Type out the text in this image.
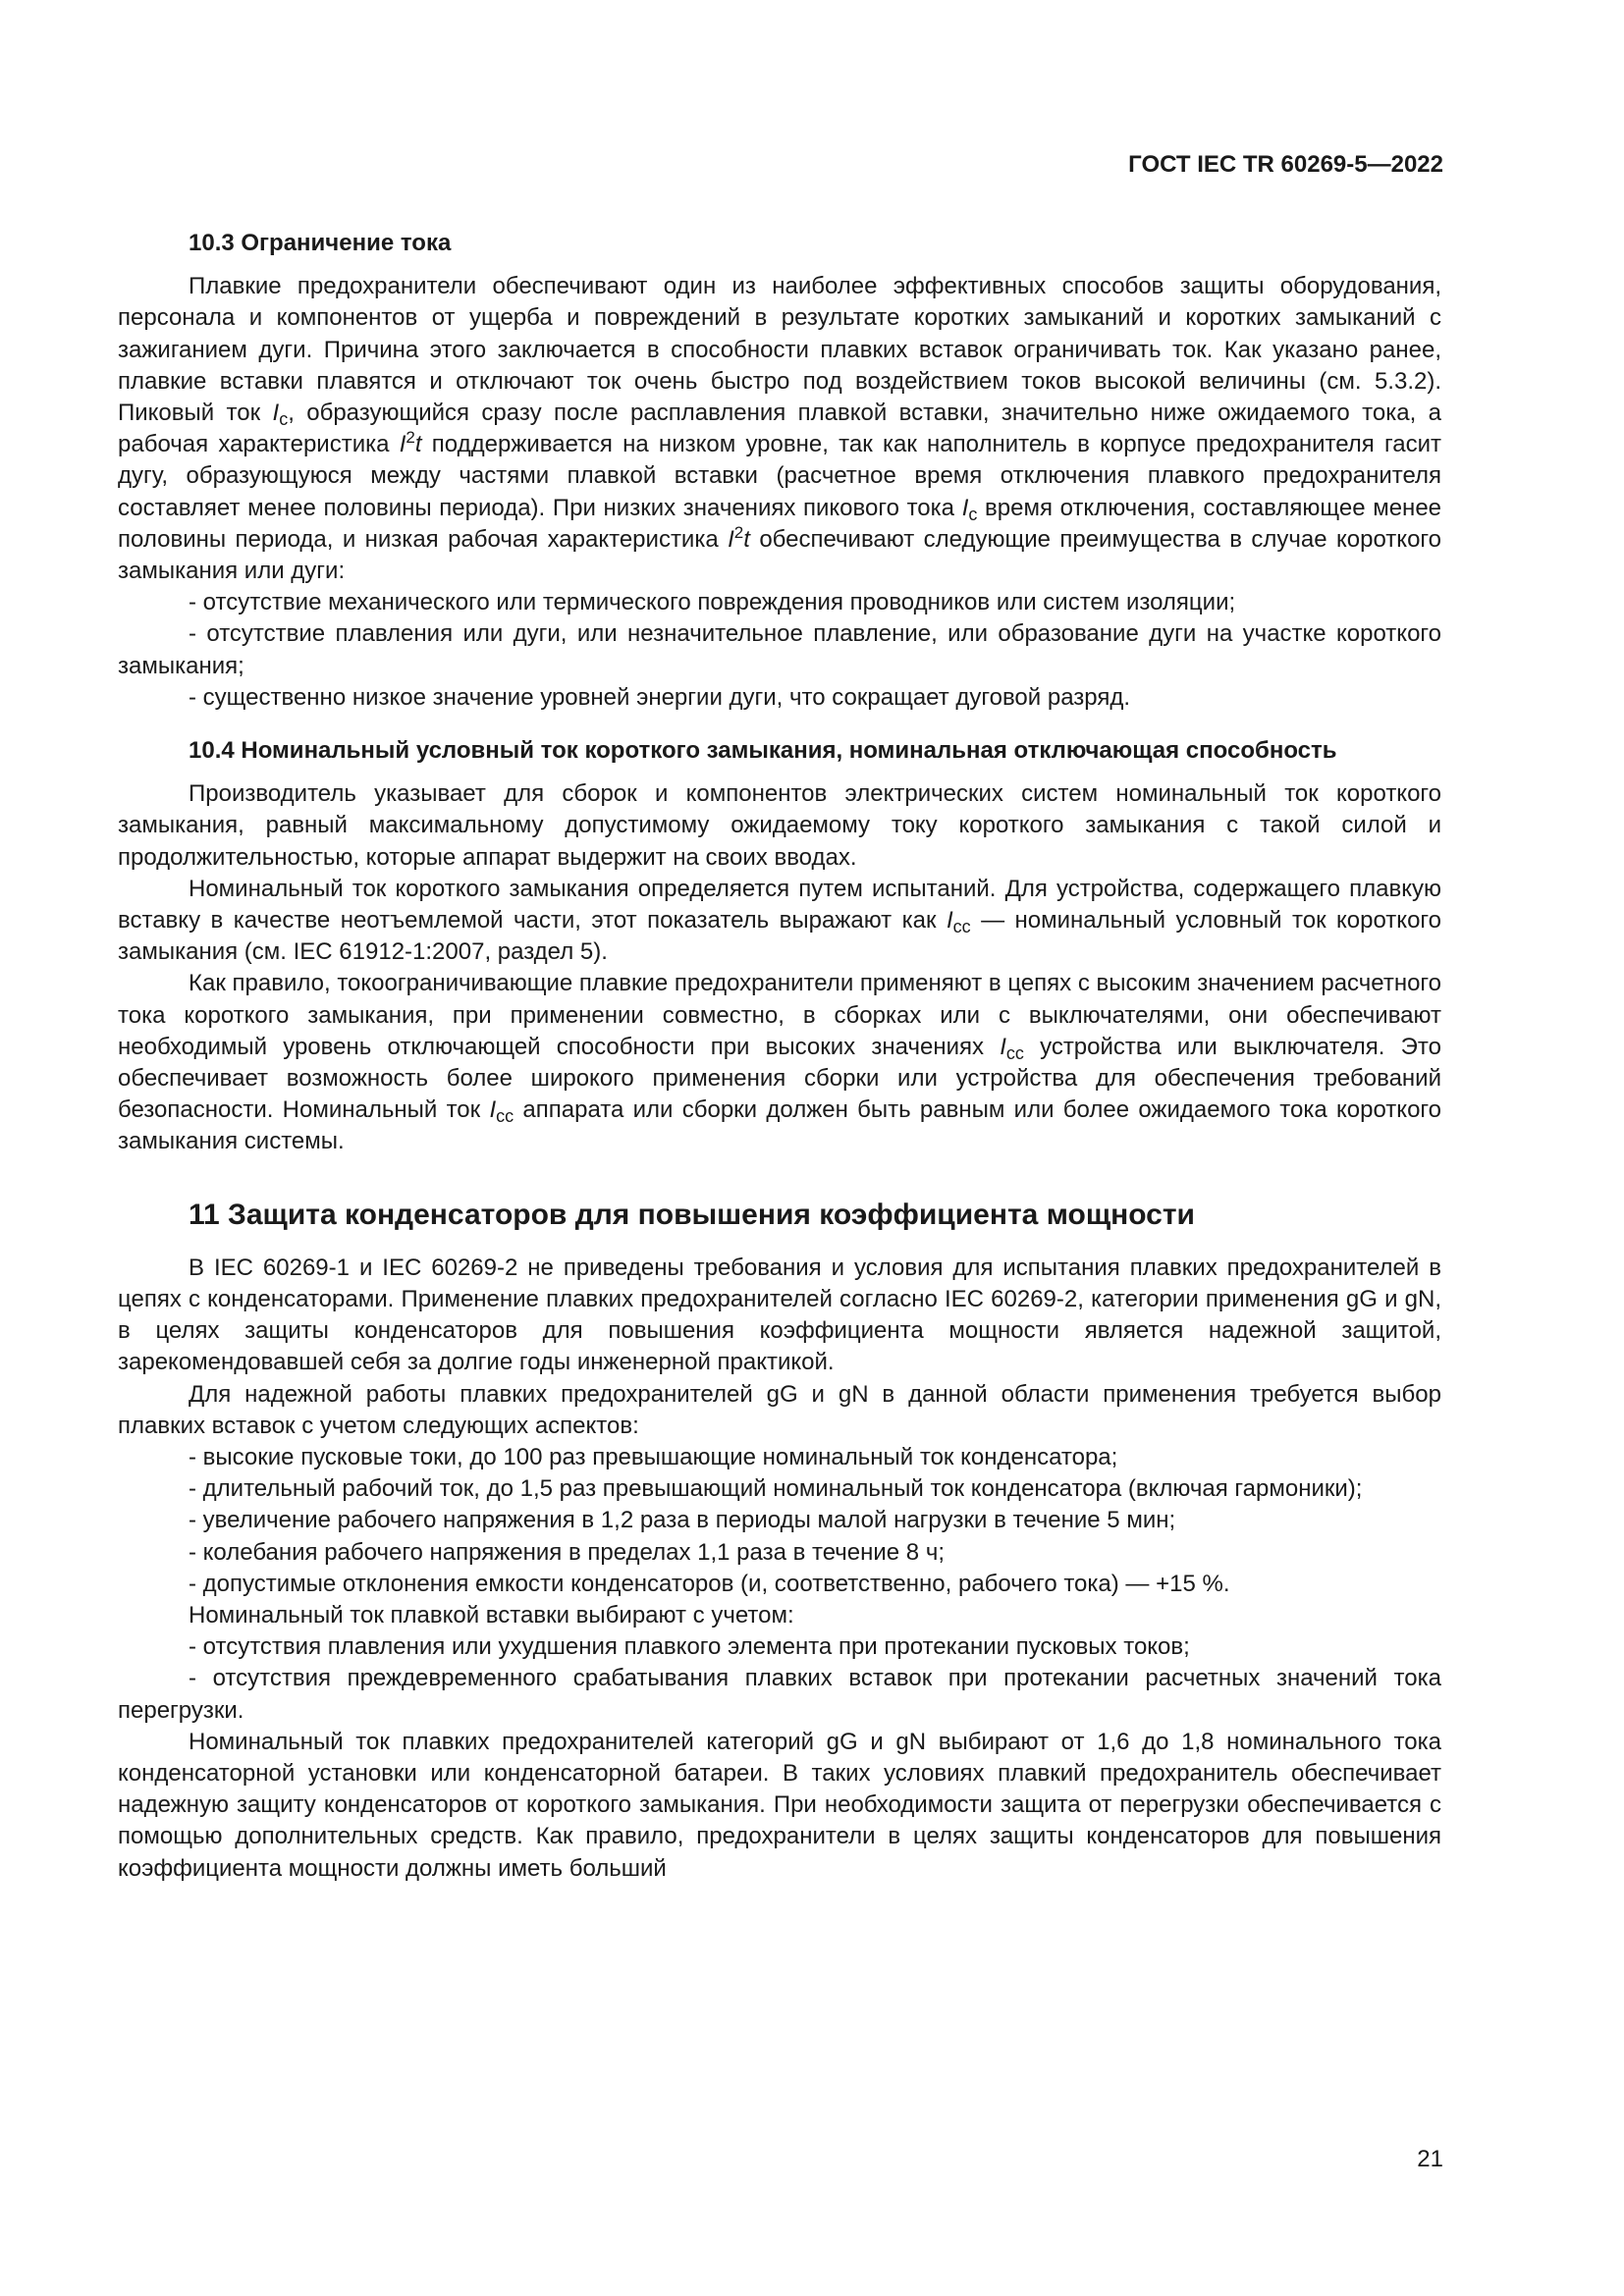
ГОСТ IEC TR 60269-5—2022

10.3 Ограничение тока

Плавкие предохранители обеспечивают один из наиболее эффективных способов защиты оборудования, персонала и компонентов от ущерба и повреждений в результате коротких замыканий и коротких замыканий с зажиганием дуги. Причина этого заключается в способности плавких вставок ограничивать ток. Как указано ранее, плавкие вставки плавятся и отключают ток очень быстро под воздействием токов высокой величины (см. 5.3.2). Пиковый ток $I_c$, образующийся сразу после расплавления плавкой вставки, значительно ниже ожидаемого тока, а рабочая характеристика $I^2t$ поддерживается на низком уровне, так как наполнитель в корпусе предохранителя гасит дугу, образующуюся между частями плавкой вставки (расчетное время отключения плавкого предохранителя составляет менее половины периода). При низких значениях пикового тока $I_c$ время отключения, составляющее менее половины периода, и низкая рабочая характеристика $I^2t$ обеспечивают следующие преимущества в случае короткого замыкания или дуги:

- отсутствие механического или термического повреждения проводников или систем изоляции;

- отсутствие плавления или дуги, или незначительное плавление, или образование дуги на участке короткого замыкания;

- существенно низкое значение уровней энергии дуги, что сокращает дуговой разряд.

10.4 Номинальный условный ток короткого замыкания, номинальная отключающая способность

Производитель указывает для сборок и компонентов электрических систем номинальный ток короткого замыкания, равный максимальному допустимому ожидаемому току короткого замыкания с такой силой и продолжительностью, которые аппарат выдержит на своих вводах.

Номинальный ток короткого замыкания определяется путем испытаний. Для устройства, содержащего плавкую вставку в качестве неотъемлемой части, этот показатель выражают как $I_{cc}$ — номинальный условный ток короткого замыкания (см. IEC 61912-1:2007, раздел 5).

Как правило, токоограничивающие плавкие предохранители применяют в цепях с высоким значением расчетного тока короткого замыкания, при применении совместно, в сборках или с выключателями, они обеспечивают необходимый уровень отключающей способности при высоких значениях $I_{cc}$ устройства или выключателя. Это обеспечивает возможность более широкого применения сборки или устройства для обеспечения требований безопасности. Номинальный ток $I_{cc}$ аппарата или сборки должен быть равным или более ожидаемого тока короткого замыкания системы.

11 Защита конденсаторов для повышения коэффициента мощности

В IEC 60269-1 и IEC 60269-2 не приведены требования и условия для испытания плавких предохранителей в цепях с конденсаторами. Применение плавких предохранителей согласно IEC 60269-2, категории применения gG и gN, в целях защиты конденсаторов для повышения коэффициента мощности является надежной защитой, зарекомендовавшей себя за долгие годы инженерной практикой.

Для надежной работы плавких предохранителей gG и gN в данной области применения требуется выбор плавких вставок с учетом следующих аспектов:

- высокие пусковые токи, до 100 раз превышающие номинальный ток конденсатора;

- длительный рабочий ток, до 1,5 раз превышающий номинальный ток конденсатора (включая гармоники);

- увеличение рабочего напряжения в 1,2 раза в периоды малой нагрузки в течение 5 мин;

- колебания рабочего напряжения в пределах 1,1 раза в течение 8 ч;

- допустимые отклонения емкости конденсаторов (и, соответственно, рабочего тока) — +15 %.

Номинальный ток плавкой вставки выбирают с учетом:

- отсутствия плавления или ухудшения плавкого элемента при протекании пусковых токов;

- отсутствия преждевременного срабатывания плавких вставок при протекании расчетных значений тока перегрузки.

Номинальный ток плавких предохранителей категорий gG и gN выбирают от 1,6 до 1,8 номинального тока конденсаторной установки или конденсаторной батареи. В таких условиях плавкий предохранитель обеспечивает надежную защиту конденсаторов от короткого замыкания. При необходимости защита от перегрузки обеспечивается с помощью дополнительных средств. Как правило, предохранители в целях защиты конденсаторов для повышения коэффициента мощности должны иметь больший

21
